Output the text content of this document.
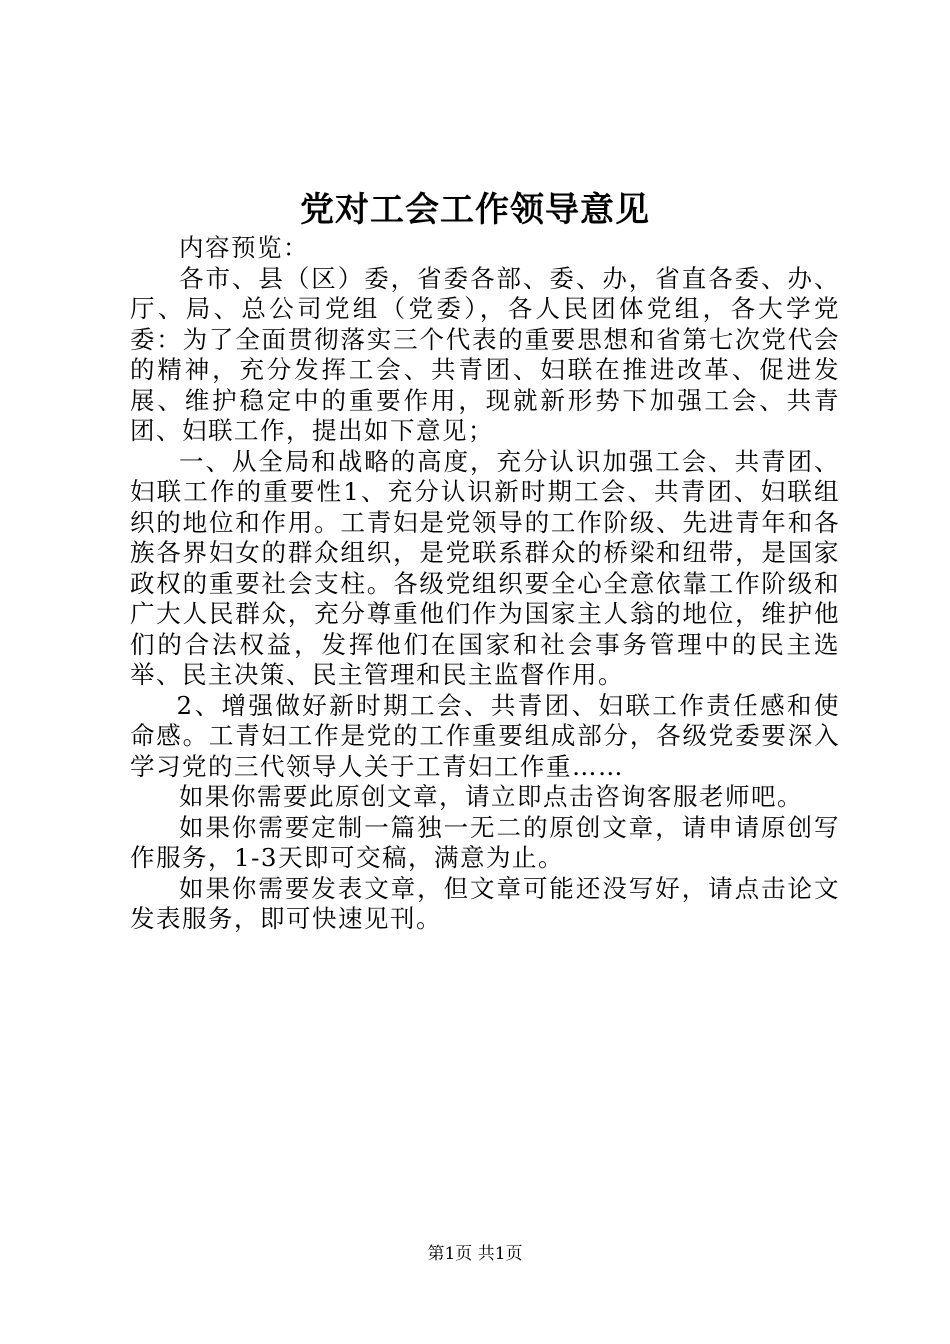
党对工会工作领导意见

内容预览：

各市、县（区）委，省委各部、委、办，省直各委、办、厅、局、总公司党组（党委），各人民团体党组，各大学党委：为了全面贯彻落实三个代表的重要思想和省第七次党代会的精神，充分发挥工会、共青团、妇联在推进改革、促进发展、维护稳定中的重要作用，现就新形势下加强工会、共青团、妇联工作，提出如下意见；

一、从全局和战略的高度，充分认识加强工会、共青团、妇联工作的重要性1、充分认识新时期工会、共青团、妇联组织的地位和作用。工青妇是党领导的工作阶级、先进青年和各族各界妇女的群众组织，是党联系群众的桥梁和纽带，是国家政权的重要社会支柱。各级党组织要全心全意依靠工作阶级和广大人民群众，充分尊重他们作为国家主人翁的地位，维护他们的合法权益，发挥他们在国家和社会事务管理中的民主选举、民主决策、民主管理和民主监督作用。

2、增强做好新时期工会、共青团、妇联工作责任感和使命感。工青妇工作是党的工作重要组成部分，各级党委要深入学习党的三代领导人关于工青妇工作重……

如果你需要此原创文章，请立即点击咨询客服老师吧。

如果你需要定制一篇独一无二的原创文章，请申请原创写作服务，1-3天即可交稿，满意为止。

如果你需要发表文章，但文章可能还没写好，请点击论文发表服务，即可快速见刊。

第1页 共1页
